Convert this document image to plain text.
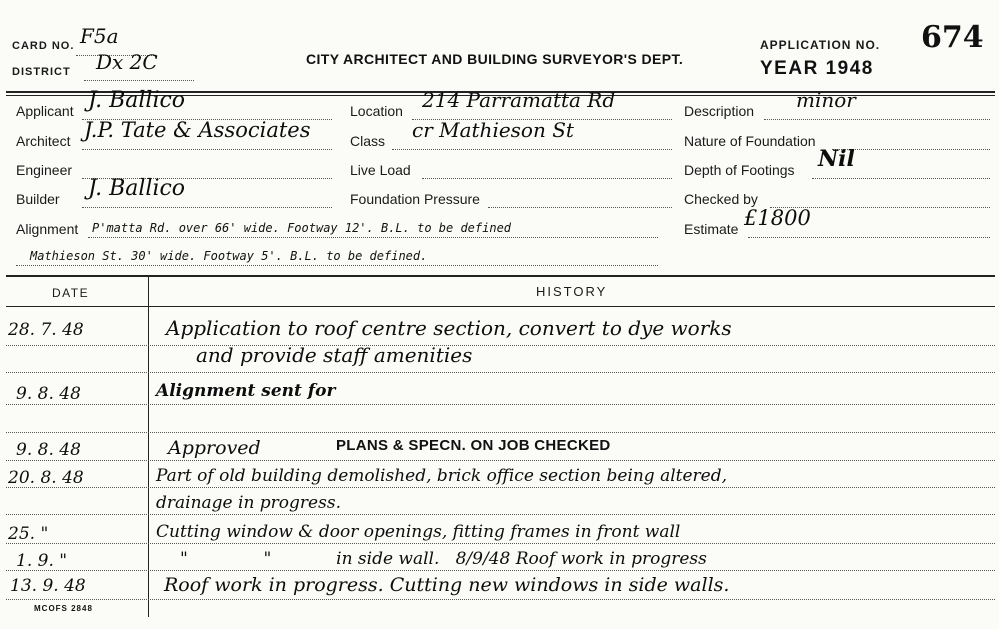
CARD NO. F5a
DISTRICT Dx 2C	CITY ARCHITECT AND BUILDING SURVEYOR'S DEPT.
APPLICATION NO. 674
YEAR 1948
Applicant J. Ballico
Architect J.P. Tate & Associates
Engineer
Builder J. Ballico
Alignment P'matta Rd. over 66' wide. Footway 12'. B.L. to be defined
Mathieson St. 30' wide. Footway 5'. B.L. to be defined.
Location 214 Parramatta Rd
Class cr Mathieson St
Live Load
Foundation Pressure
Description minor
Nature of Foundation
Depth of Footings Nil
Checked by
Estimate £1800
DATE	HISTORY
28. 7. 48	Application to roof centre section, convert to dye works
and provide staff amenities
9. 8. 48	Alignment sent for
9. 8. 48	Approved	PLANS & SPECN. ON JOB CHECKED
20. 8. 48	Part of old building demolished, brick office section being altered,
drainage in progress.
25. "	Cutting window & door openings, fitting frames in front wall
1. 9. "	"              "            in side wall.   8/9/48 Roof work in progress
13. 9. 48	Roof work in progress. Cutting new windows in side walls.
MCOFS 2848
